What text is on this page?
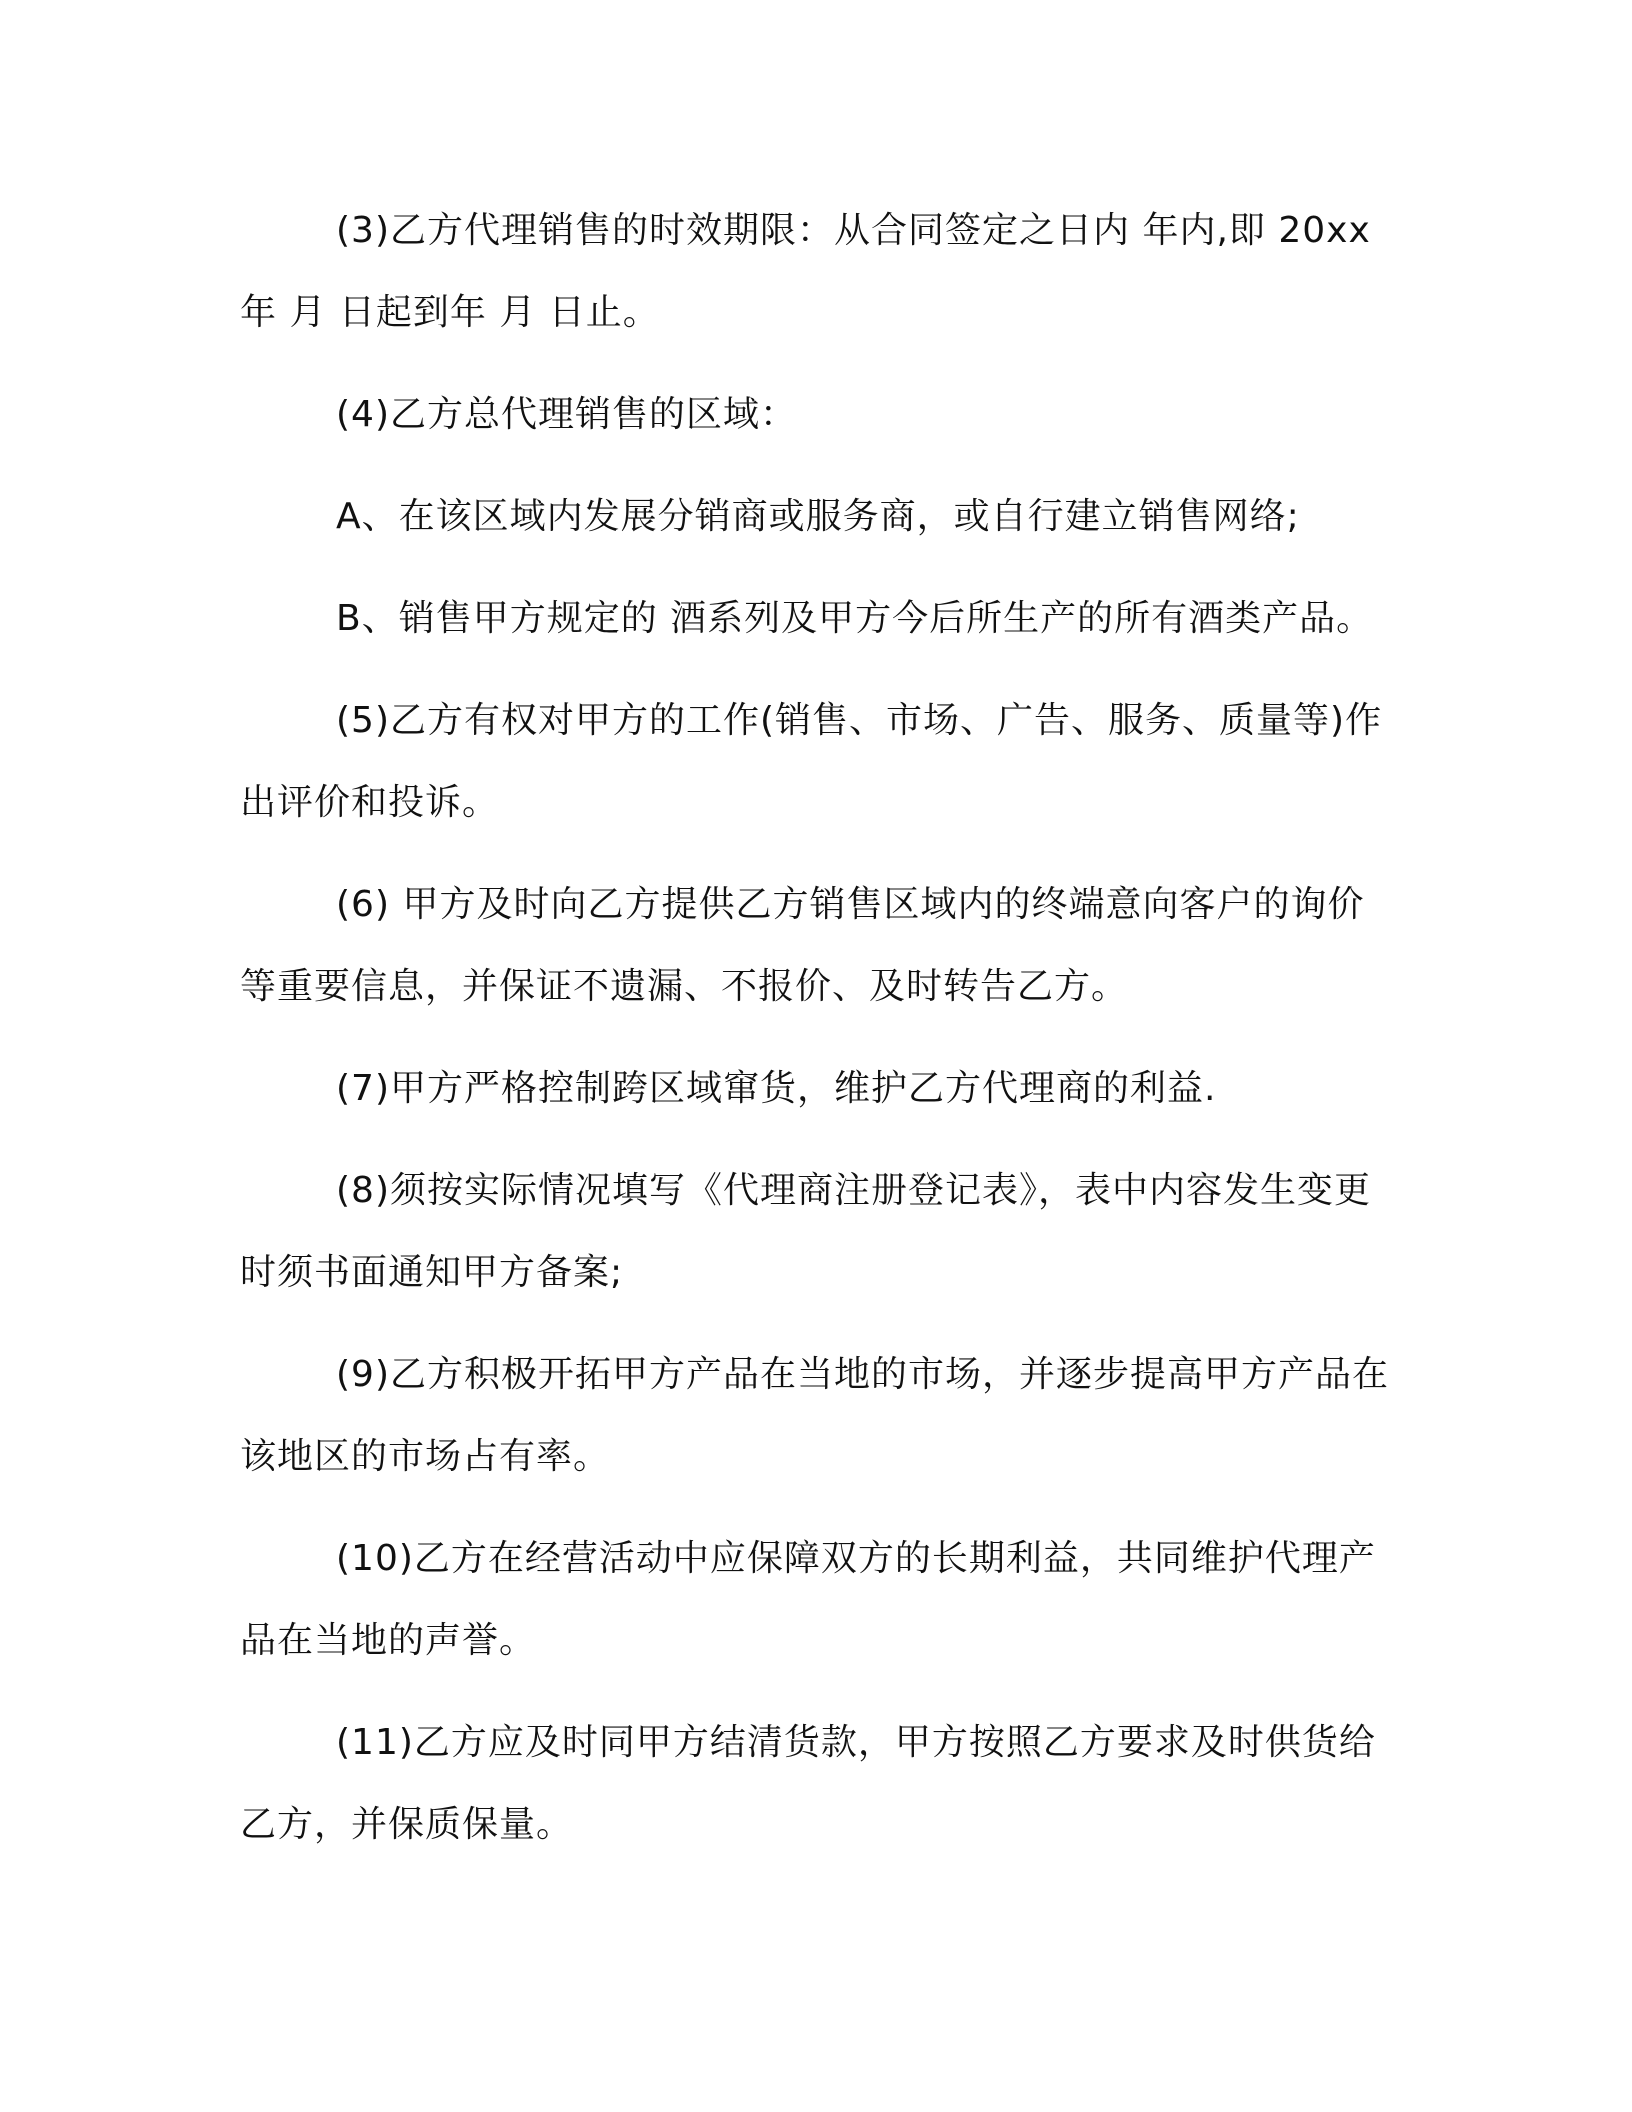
(3)乙方代理销售的时效期限：从合同签定之日内 年内,即 20xx 年 月 日起到年 月 日止。

(4)乙方总代理销售的区域：

A、在该区域内发展分销商或服务商，或自行建立销售网络;

B、销售甲方规定的 酒系列及甲方今后所生产的所有酒类产品。

(5)乙方有权对甲方的工作(销售、市场、广告、服务、质量等)作出评价和投诉。

(6) 甲方及时向乙方提供乙方销售区域内的终端意向客户的询价等重要信息，并保证不遗漏、不报价、及时转告乙方。

(7)甲方严格控制跨区域窜货，维护乙方代理商的利益.

(8)须按实际情况填写《代理商注册登记表》，表中内容发生变更时须书面通知甲方备案;

(9)乙方积极开拓甲方产品在当地的市场，并逐步提高甲方产品在该地区的市场占有率。

(10)乙方在经营活动中应保障双方的长期利益，共同维护代理产品在当地的声誉。

(11)乙方应及时同甲方结清货款，甲方按照乙方要求及时供货给乙方，并保质保量。
